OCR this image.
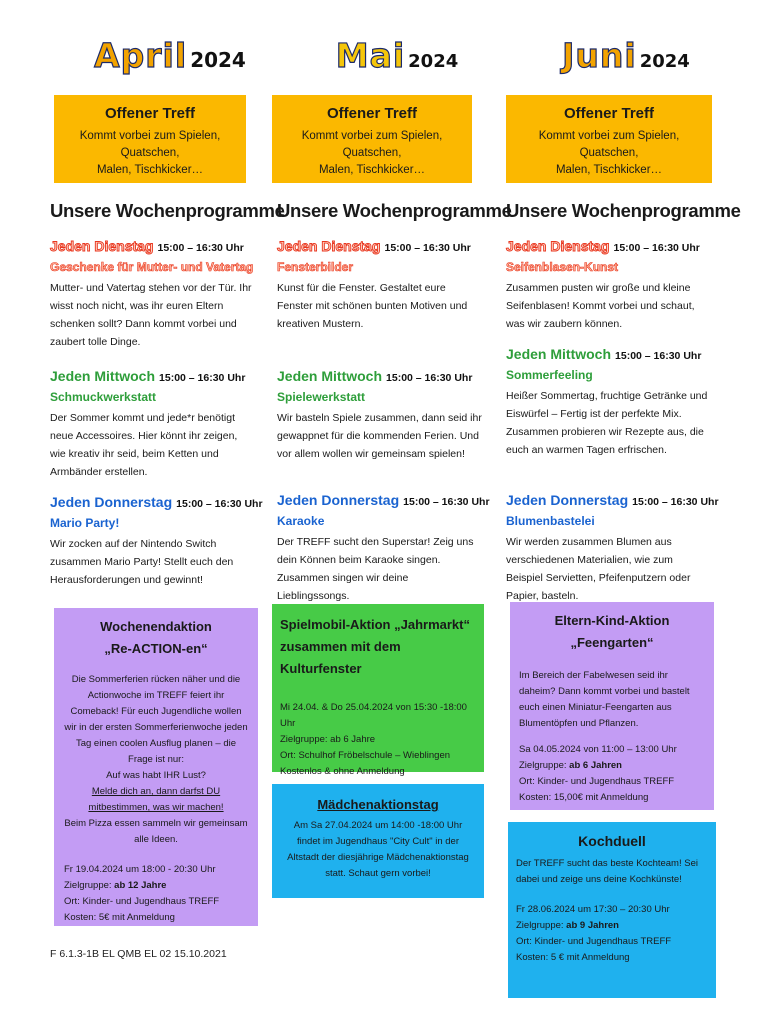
April 2024
Offener Treff
Kommt vorbei zum Spielen, Quatschen,
Malen, Tischkicker…
Unsere Wochenprogramme
Jeden Dienstag 15:00 – 16:30 Uhr
Geschenke für Mutter- und Vatertag
Mutter- und Vatertag stehen vor der Tür. Ihr wisst noch nicht, was ihr euren Eltern schenken sollt? Dann kommt vorbei und zaubert tolle Dinge.
Jeden Mittwoch 15:00 – 16:30 Uhr
Schmuckwerkstatt
Der Sommer kommt und jede*r benötigt neue Accessoires. Hier könnt ihr zeigen, wie kreativ ihr seid, beim Ketten und Armbänder erstellen.
Jeden Donnerstag 15:00 – 16:30 Uhr
Mario Party!
Wir zocken auf der Nintendo Switch zusammen Mario Party! Stellt euch den Herausforderungen und gewinnt!
Wochenendaktion
„Re-ACTION-en“
Die Sommerferien rücken näher und die Actionwoche im TREFF feiert ihr Comeback! Für euch Jugendliche wollen wir in der ersten Sommerferienwoche jeden Tag einen coolen Ausflug planen – die Frage ist nur:
Auf was habt IHR Lust?
Melde dich an, dann darfst DU mitbestimmen, was wir machen!
Beim Pizza essen sammeln wir gemeinsam alle Ideen.
Fr 19.04.2024 um 18:00 - 20:30 Uhr
Zielgruppe: ab 12 Jahre
Ort: Kinder- und Jugendhaus TREFF
Kosten: 5€ mit Anmeldung
Mai 2024
Offener Treff
Kommt vorbei zum Spielen, Quatschen,
Malen, Tischkicker…
Unsere Wochenprogramme
Jeden Dienstag 15:00 – 16:30 Uhr
Fensterbilder
Kunst für die Fenster. Gestaltet eure Fenster mit schönen bunten Motiven und kreativen Mustern.
Jeden Mittwoch 15:00 – 16:30 Uhr
Spielewerkstatt
Wir basteln Spiele zusammen, dann seid ihr gewappnet für die kommenden Ferien. Und vor allem wollen wir gemeinsam spielen!
Jeden Donnerstag 15:00 – 16:30 Uhr
Karaoke
Der TREFF sucht den Superstar! Zeig uns dein Können beim Karaoke singen. Zusammen singen wir deine Lieblingssongs.
Spielmobil-Aktion „Jahrmarkt“ zusammen mit dem Kulturfenster
Mi 24.04. & Do 25.04.2024 von 15:30 -18:00 Uhr
Zielgruppe: ab 6 Jahre
Ort: Schulhof Fröbelschule – Wieblingen
Kostenlos & ohne Anmeldung
Mädchenaktionstag
Am Sa 27.04.2024 um 14:00 -18:00 Uhr findet im Jugendhaus "City Cult" in der Altstadt der diesjährige Mädchenaktionstag statt. Schaut gern vorbei!
Juni 2024
Offener Treff
Kommt vorbei zum Spielen, Quatschen,
Malen, Tischkicker…
Unsere Wochenprogramme
Jeden Dienstag 15:00 – 16:30 Uhr
Seifenblasen-Kunst
Zusammen pusten wir große und kleine Seifenblasen! Kommt vorbei und schaut, was wir zaubern können.
Jeden Mittwoch 15:00 – 16:30 Uhr
Sommerfeeling
Heißer Sommertag, fruchtige Getränke und Eiswürfel – Fertig ist der perfekte Mix. Zusammen probieren wir Rezepte aus, die euch an warmen Tagen erfrischen.
Jeden Donnerstag 15:00 – 16:30 Uhr
Blumenbastelei
Wir werden zusammen Blumen aus verschiedenen Materialien, wie zum Beispiel Servietten, Pfeifenputzern oder Papier, basteln.
Eltern-Kind-Aktion
„Feengarten“
Im Bereich der Fabelwesen seid ihr daheim? Dann kommt vorbei und bastelt euch einen Miniatur-Feengarten aus Blumentöpfen und Pflanzen.
Sa 04.05.2024 von 11:00 – 13:00 Uhr
Zielgruppe: ab 6 Jahren
Ort: Kinder- und Jugendhaus TREFF
Kosten: 15,00€ mit Anmeldung
Kochduell
Der TREFF sucht das beste Kochteam! Sei dabei und zeige uns deine Kochkünste!
Fr 28.06.2024 um 17:30 – 20:30 Uhr
Zielgruppe: ab 9 Jahren
Ort: Kinder- und Jugendhaus TREFF
Kosten: 5 € mit Anmeldung
F 6.1.3-1B EL QMB EL 02 15.10.2021
